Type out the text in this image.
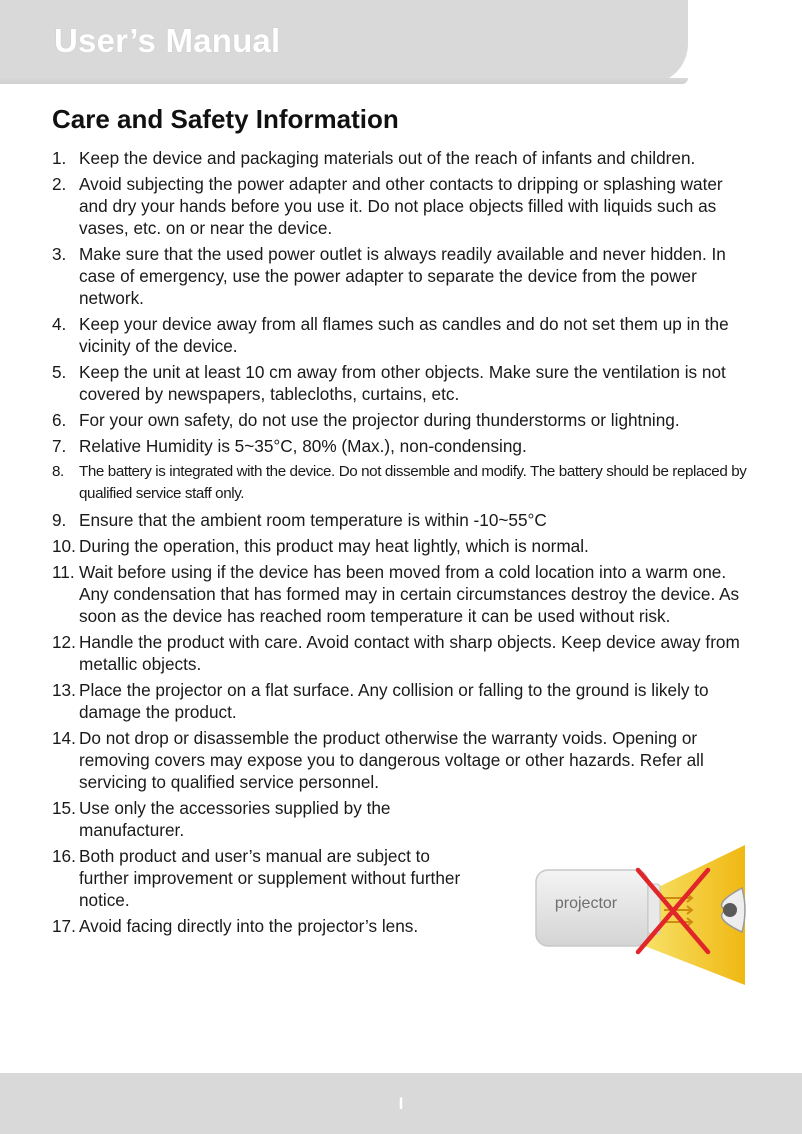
User’s Manual
Care and Safety Information
1. Keep the device and packaging materials out of the reach of infants and children.
2. Avoid subjecting the power adapter and other contacts to dripping or splashing water and dry your hands before you use it. Do not place objects filled with liquids such as vases, etc. on or near the device.
3. Make sure that the used power outlet is always readily available and never hidden. In case of emergency, use the power adapter to separate the device from the power network.
4. Keep your device away from all flames such as candles and do not set them up in the vicinity of the device.
5. Keep the unit at least 10 cm away from other objects. Make sure the ventilation is not covered by newspapers, tablecloths, curtains, etc.
6. For your own safety, do not use the projector during thunderstorms or lightning.
7. Relative Humidity is 5~35°C, 80% (Max.), non-condensing.
8. The battery is integrated with the device. Do not dissemble and modify. The battery should be replaced by qualified service staff only.
9. Ensure that the ambient room temperature is within -10~55°C
10. During the operation, this product may heat lightly, which is normal.
11. Wait before using if the device has been moved from a cold location into a warm one. Any condensation that has formed may in certain circumstances destroy the device. As soon as the device has reached room temperature it can be used without risk.
12. Handle the product with care. Avoid contact with sharp objects. Keep device away from metallic objects.
13. Place the projector on a flat surface. Any collision or falling to the ground is likely to damage the product.
14. Do not drop or disassemble the product otherwise the warranty voids. Opening or removing covers may expose you to dangerous voltage or other hazards. Refer all servicing to qualified service personnel.
15. Use only the accessories supplied by the manufacturer.
16. Both product and user’s manual are subject to further improvement or supplement without further notice.
17. Avoid facing directly into the projector’s lens.
projector
I
